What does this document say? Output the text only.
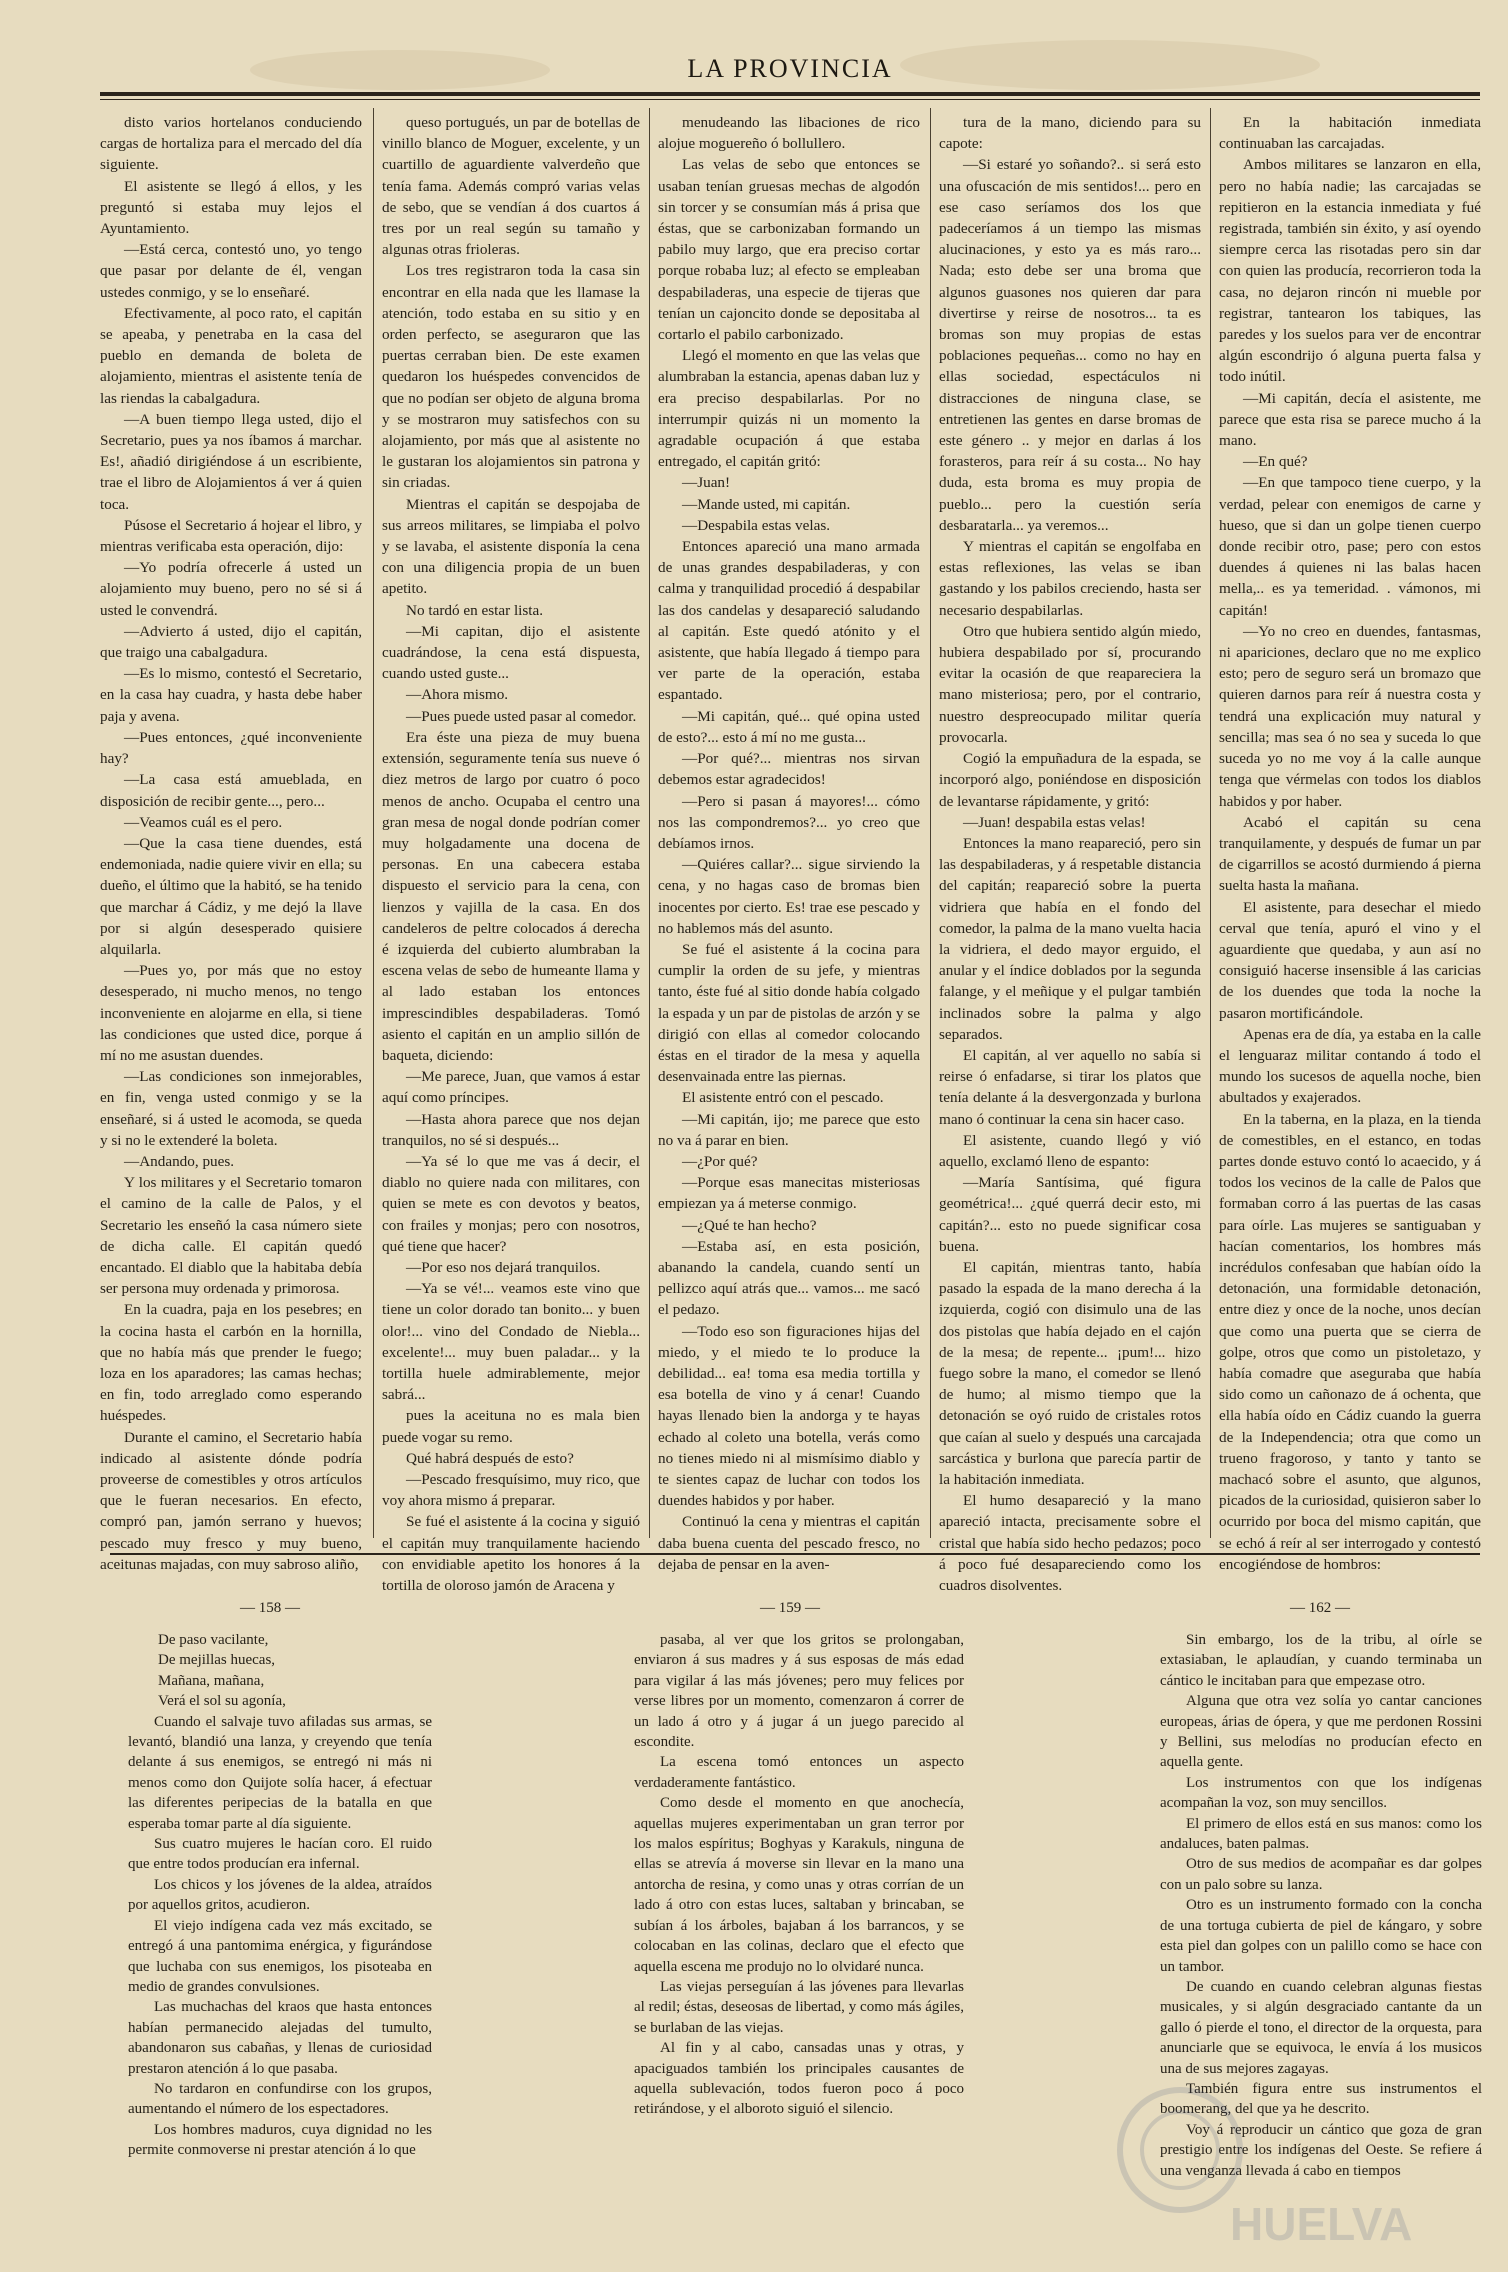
LA PROVINCIA

disto varios hortelanos conduciendo cargas de hortaliza para el mercado del día siguiente.

El asistente se llegó á ellos, y les preguntó si estaba muy lejos el Ayuntamiento.

—Está cerca, contestó uno, yo tengo que pasar por delante de él, vengan ustedes conmigo, y se lo enseñaré.

Efectivamente, al poco rato, el capitán se apeaba, y penetraba en la casa del pueblo en demanda de boleta de alojamiento, mientras el asistente tenía de las riendas la cabalgadura.

—A buen tiempo llega usted, dijo el Secretario, pues ya nos íbamos á marchar. Es!, añadió dirigiéndose á un escribiente, trae el libro de Alojamientos á ver á quien toca.

Púsose el Secretario á hojear el libro, y mientras verificaba esta operación, dijo:

—Yo podría ofrecerle á usted un alojamiento muy bueno, pero no sé si á usted le convendrá.

—Advierto á usted, dijo el capitán, que traigo una cabalgadura.

—Es lo mismo, contestó el Secretario, en la casa hay cuadra, y hasta debe haber paja y avena.

—Pues entonces, ¿qué inconveniente hay?

—La casa está amueblada, en disposición de recibir gente..., pero...

—Veamos cuál es el pero.

—Que la casa tiene duendes, está endemoniada, nadie quiere vivir en ella; su dueño, el último que la habitó, se ha tenido que marchar á Cádiz, y me dejó la llave por si algún desesperado quisiere alquilarla.

—Pues yo, por más que no estoy desesperado, ni mucho menos, no tengo inconveniente en alojarme en ella, si tiene las condiciones que usted dice, porque á mí no me asustan duendes.

—Las condiciones son inmejorables, en fin, venga usted conmigo y se la enseñaré, si á usted le acomoda, se queda y si no le extenderé la boleta.

—Andando, pues.

Y los militares y el Secretario tomaron el camino de la calle de Palos, y el Secretario les enseñó la casa número siete de dicha calle. El capitán quedó encantado. El diablo que la habitaba debía ser persona muy ordenada y primorosa.

En la cuadra, paja en los pesebres; en la cocina hasta el carbón en la hornilla, que no había más que prender le fuego; loza en los aparadores; las camas hechas; en fin, todo arreglado como esperando huéspedes.

Durante el camino, el Secretario había indicado al asistente dónde podría proveerse de comestibles y otros artículos que le fueran necesarios. En efecto, compró pan, jamón serrano y huevos; pescado muy fresco y muy bueno, aceitunas majadas, con muy sabroso aliño,

queso portugués, un par de botellas de vinillo blanco de Moguer, excelente, y un cuartillo de aguardiente valverdeño que tenía fama. Además compró varias velas de sebo, que se vendían á dos cuartos á tres por un real según su tamaño y algunas otras frioleras.

Los tres registraron toda la casa sin encontrar en ella nada que les llamase la atención, todo estaba en su sitio y en orden perfecto, se aseguraron que las puertas cerraban bien. De este examen quedaron los huéspedes convencidos de que no podían ser objeto de alguna broma y se mostraron muy satisfechos con su alojamiento, por más que al asistente no le gustaran los alojamientos sin patrona y sin criadas.

Mientras el capitán se despojaba de sus arreos militares, se limpiaba el polvo y se lavaba, el asistente disponía la cena con una diligencia propia de un buen apetito.

No tardó en estar lista.

—Mi capitan, dijo el asistente cuadrándose, la cena está dispuesta, cuando usted guste...

—Ahora mismo.

—Pues puede usted pasar al comedor.

Era éste una pieza de muy buena extensión, seguramente tenía sus nueve ó diez metros de largo por cuatro ó poco menos de ancho. Ocupaba el centro una gran mesa de nogal donde podrían comer muy holgadamente una docena de personas. En una cabecera estaba dispuesto el servicio para la cena, con lienzos y vajilla de la casa. En dos candeleros de peltre colocados á derecha é izquierda del cubierto alumbraban la escena velas de sebo de humeante llama y al lado estaban los entonces imprescindibles despabiladeras. Tomó asiento el capitán en un amplio sillón de baqueta, diciendo:

—Me parece, Juan, que vamos á estar aquí como príncipes.

—Hasta ahora parece que nos dejan tranquilos, no sé si después...

—Ya sé lo que me vas á decir, el diablo no quiere nada con militares, con quien se mete es con devotos y beatos, con frailes y monjas; pero con nosotros, qué tiene que hacer?

—Por eso nos dejará tranquilos.

—Ya se vé!... veamos este vino que tiene un color dorado tan bonito... y buen olor!... vino del Condado de Niebla... excelente!... muy buen paladar... y la tortilla huele admirablemente, mejor sabrá...

pues la aceituna no es mala bien puede vogar su remo.

Qué habrá después de esto?

—Pescado fresquísimo, muy rico, que voy ahora mismo á preparar.

Se fué el asistente á la cocina y siguió el capitán muy tranquilamente haciendo con envidiable apetito los honores á la tortilla de oloroso jamón de Aracena y

menudeando las libaciones de rico alojue moguereño ó bollullero.

Las velas de sebo que entonces se usaban tenían gruesas mechas de algodón sin torcer y se consumían más á prisa que éstas, que se carbonizaban formando un pabilo muy largo, que era preciso cortar porque robaba luz; al efecto se empleaban despabiladeras, una especie de tijeras que tenían un cajoncito donde se depositaba al cortarlo el pabilo carbonizado.

Llegó el momento en que las velas que alumbraban la estancia, apenas daban luz y era preciso despabilarlas. Por no interrumpir quizás ni un momento la agradable ocupación á que estaba entregado, el capitán gritó:

—Juan!

—Mande usted, mi capitán.

—Despabila estas velas.

Entonces apareció una mano armada de unas grandes despabiladeras, y con calma y tranquilidad procedió á despabilar las dos candelas y desapareció saludando al capitán. Este quedó atónito y el asistente, que había llegado á tiempo para ver parte de la operación, estaba espantado.

—Mi capitán, qué... qué opina usted de esto?... esto á mí no me gusta...

—Por qué?... mientras nos sirvan debemos estar agradecidos!

—Pero si pasan á mayores!... cómo nos las compondremos?... yo creo que debíamos irnos.

—Quiéres callar?... sigue sirviendo la cena, y no hagas caso de bromas bien inocentes por cierto. Es! trae ese pescado y no hablemos más del asunto.

Se fué el asistente á la cocina para cumplir la orden de su jefe, y mientras tanto, éste fué al sitio donde había colgado la espada y un par de pistolas de arzón y se dirigió con ellas al comedor colocando éstas en el tirador de la mesa y aquella desenvainada entre las piernas.

El asistente entró con el pescado.

—Mi capitán, ijo; me parece que esto no va á parar en bien.

—¿Por qué?

—Porque esas manecitas misteriosas empiezan ya á meterse conmigo.

—¿Qué te han hecho?

—Estaba así, en esta posición, abanando la candela, cuando sentí un pellizco aquí atrás que... vamos... me sacó el pedazo.

—Todo eso son figuraciones hijas del miedo, y el miedo te lo produce la debilidad... ea! toma esa media tortilla y esa botella de vino y á cenar! Cuando hayas llenado bien la andorga y te hayas echado al coleto una botella, verás como no tienes miedo ni al mismísimo diablo y te sientes capaz de luchar con todos los duendes habidos y por haber.

Continuó la cena y mientras el capitán daba buena cuenta del pescado fresco, no dejaba de pensar en la aven-

tura de la mano, diciendo para su capote:

—Si estaré yo soñando?.. si será esto una ofuscación de mis sentidos!... pero en ese caso seríamos dos los que padeceríamos á un tiempo las mismas alucinaciones, y esto ya es más raro... Nada; esto debe ser una broma que algunos guasones nos quieren dar para divertirse y reirse de nosotros... ta es bromas son muy propias de estas poblaciones pequeñas... como no hay en ellas sociedad, espectáculos ni distracciones de ninguna clase, se entretienen las gentes en darse bromas de este género .. y mejor en darlas á los forasteros, para reír á su costa... No hay duda, esta broma es muy propia de pueblo... pero la cuestión sería desbaratarla... ya veremos...

Y mientras el capitán se engolfaba en estas reflexiones, las velas se iban gastando y los pabilos creciendo, hasta ser necesario despabilarlas.

Otro que hubiera sentido algún miedo, hubiera despabilado por sí, procurando evitar la ocasión de que reapareciera la mano misteriosa; pero, por el contrario, nuestro despreocupado militar quería provocarla.

Cogió la empuñadura de la espada, se incorporó algo, poniéndose en disposición de levantarse rápidamente, y gritó:

—Juan! despabila estas velas!

Entonces la mano reapareció, pero sin las despabiladeras, y á respetable distancia del capitán; reapareció sobre la puerta vidriera que había en el fondo del comedor, la palma de la mano vuelta hacia la vidriera, el dedo mayor erguido, el anular y el índice doblados por la segunda falange, y el meñique y el pulgar también inclinados sobre la palma y algo separados.

El capitán, al ver aquello no sabía si reirse ó enfadarse, si tirar los platos que tenía delante á la desvergonzada y burlona mano ó continuar la cena sin hacer caso.

El asistente, cuando llegó y vió aquello, exclamó lleno de espanto:

—María Santísima, qué figura geométrica!... ¿qué querrá decir esto, mi capitán?... esto no puede significar cosa buena.

El capitán, mientras tanto, había pasado la espada de la mano derecha á la izquierda, cogió con disimulo una de las dos pistolas que había dejado en el cajón de la mesa; de repente... ¡pum!... hizo fuego sobre la mano, el comedor se llenó de humo; al mismo tiempo que la detonación se oyó ruido de cristales rotos que caían al suelo y después una carcajada sarcástica y burlona que parecía partir de la habitación inmediata.

El humo desapareció y la mano apareció intacta, precisamente sobre el cristal que había sido hecho pedazos; poco á poco fué desapareciendo como los cuadros disolventes.

En la habitación inmediata continuaban las carcajadas.

Ambos militares se lanzaron en ella, pero no había nadie; las carcajadas se repitieron en la estancia inmediata y fué registrada, también sin éxito, y así oyendo siempre cerca las risotadas pero sin dar con quien las producía, recorrieron toda la casa, no dejaron rincón ni mueble por registrar, tantearon los tabiques, las paredes y los suelos para ver de encontrar algún escondrijo ó alguna puerta falsa y todo inútil.

—Mi capitán, decía el asistente, me parece que esta risa se parece mucho á la mano.

—En qué?

—En que tampoco tiene cuerpo, y la verdad, pelear con enemigos de carne y hueso, que si dan un golpe tienen cuerpo donde recibir otro, pase; pero con estos duendes á quienes ni las balas hacen mella,.. es ya temeridad. . vámonos, mi capitán!

—Yo no creo en duendes, fantasmas, ni apariciones, declaro que no me explico esto; pero de seguro será un bromazo que quieren darnos para reír á nuestra costa y tendrá una explicación muy natural y sencilla; mas sea ó no sea y suceda lo que suceda yo no me voy á la calle aunque tenga que vérmelas con todos los diablos habidos y por haber.

Acabó el capitán su cena tranquilamente, y después de fumar un par de cigarrillos se acostó durmiendo á pierna suelta hasta la mañana.

El asistente, para desechar el miedo cerval que tenía, apuró el vino y el aguardiente que quedaba, y aun así no consiguió hacerse insensible á las caricias de los duendes que toda la noche la pasaron mortificándole.

Apenas era de día, ya estaba en la calle el lenguaraz militar contando á todo el mundo los sucesos de aquella noche, bien abultados y exajerados.

En la taberna, en la plaza, en la tienda de comestibles, en el estanco, en todas partes donde estuvo contó lo acaecido, y á todos los vecinos de la calle de Palos que formaban corro á las puertas de las casas para oírle. Las mujeres se santiguaban y hacían comentarios, los hombres más incrédulos confesaban que habían oído la detonación, una formidable detonación, entre diez y once de la noche, unos decían que como una puerta que se cierra de golpe, otros que como un pistoletazo, y había comadre que aseguraba que había sido como un cañonazo de á ochenta, que ella había oído en Cádiz cuando la guerra de la Independencia; otra que como un trueno fragoroso, y tanto y tanto se machacó sobre el asunto, que algunos, picados de la curiosidad, quisieron saber lo ocurrido por boca del mismo capitán, que se echó á reír al ser interrogado y contestó encogiéndose de hombros:

— 158 —	— 159 —	— 162 —
De paso vacilante,
De mejillas huecas,
Mañana, mañana,
Verá el sol su agonía,

Cuando el salvaje tuvo afiladas sus armas, se levantó, blandió una lanza, y creyendo que tenía delante á sus enemigos, se entregó ni más ni menos como don Quijote solía hacer, á efectuar las diferentes peripecias de la batalla en que esperaba tomar parte al día siguiente.

Sus cuatro mujeres le hacían coro. El ruido que entre todos producían era infernal.

Los chicos y los jóvenes de la aldea, atraídos por aquellos gritos, acudieron.

El viejo indígena cada vez más excitado, se entregó á una pantomima enérgica, y figurándose que luchaba con sus enemigos, los pisoteaba en medio de grandes convulsiones.

Las muchachas del kraos que hasta entonces habían permanecido alejadas del tumulto, abandonaron sus cabañas, y llenas de curiosidad prestaron atención á lo que pasaba.

No tardaron en confundirse con los grupos, aumentando el número de los espectadores.

Los hombres maduros, cuya dignidad no les permite conmoverse ni prestar atención á lo que

pasaba, al ver que los gritos se prolongaban, enviaron á sus madres y á sus esposas de más edad para vigilar á las más jóvenes; pero muy felices por verse libres por un momento, comenzaron á correr de un lado á otro y á jugar á un juego parecido al escondite.

La escena tomó entonces un aspecto verdaderamente fantástico.

Como desde el momento en que anochecía, aquellas mujeres experimentaban un gran terror por los malos espíritus; Boghyas y Karakuls, ninguna de ellas se atrevía á moverse sin llevar en la mano una antorcha de resina, y como unas y otras corrían de un lado á otro con estas luces, saltaban y brincaban, se subían á los árboles, bajaban á los barrancos, y se colocaban en las colinas, declaro que el efecto que aquella escena me produjo no lo olvidaré nunca.

Las viejas perseguían á las jóvenes para llevarlas al redil; éstas, deseosas de libertad, y como más ágiles, se burlaban de las viejas.

Al fin y al cabo, cansadas unas y otras, y apaciguados también los principales causantes de aquella sublevación, todos fueron poco á poco retirándose, y el alboroto siguió el silencio.

Sin embargo, los de la tribu, al oírle se extasiaban, le aplaudían, y cuando terminaba un cántico le incitaban para que empezase otro.

Alguna que otra vez solía yo cantar canciones europeas, árias de ópera, y que me perdonen Rossini y Bellini, sus melodías no producían efecto en aquella gente.

Los instrumentos con que los indígenas acompañan la voz, son muy sencillos.

El primero de ellos está en sus manos: como los andaluces, baten palmas.

Otro de sus medios de acompañar es dar golpes con un palo sobre su lanza.

Otro es un instrumento formado con la concha de una tortuga cubierta de piel de kángaro, y sobre esta piel dan golpes con un palillo como se hace con un tambor.

De cuando en cuando celebran algunas fiestas musicales, y si algún desgraciado cantante da un gallo ó pierde el tono, el director de la orquesta, para anunciarle que se equivoca, le envía á los musicos una de sus mejores zagayas.

También figura entre sus instrumentos el boomerang, del que ya he descrito.

Voy á reproducir un cántico que goza de gran prestigio entre los indígenas del Oeste. Se refiere á una venganza llevada á cabo en tiempos

HUELVA
